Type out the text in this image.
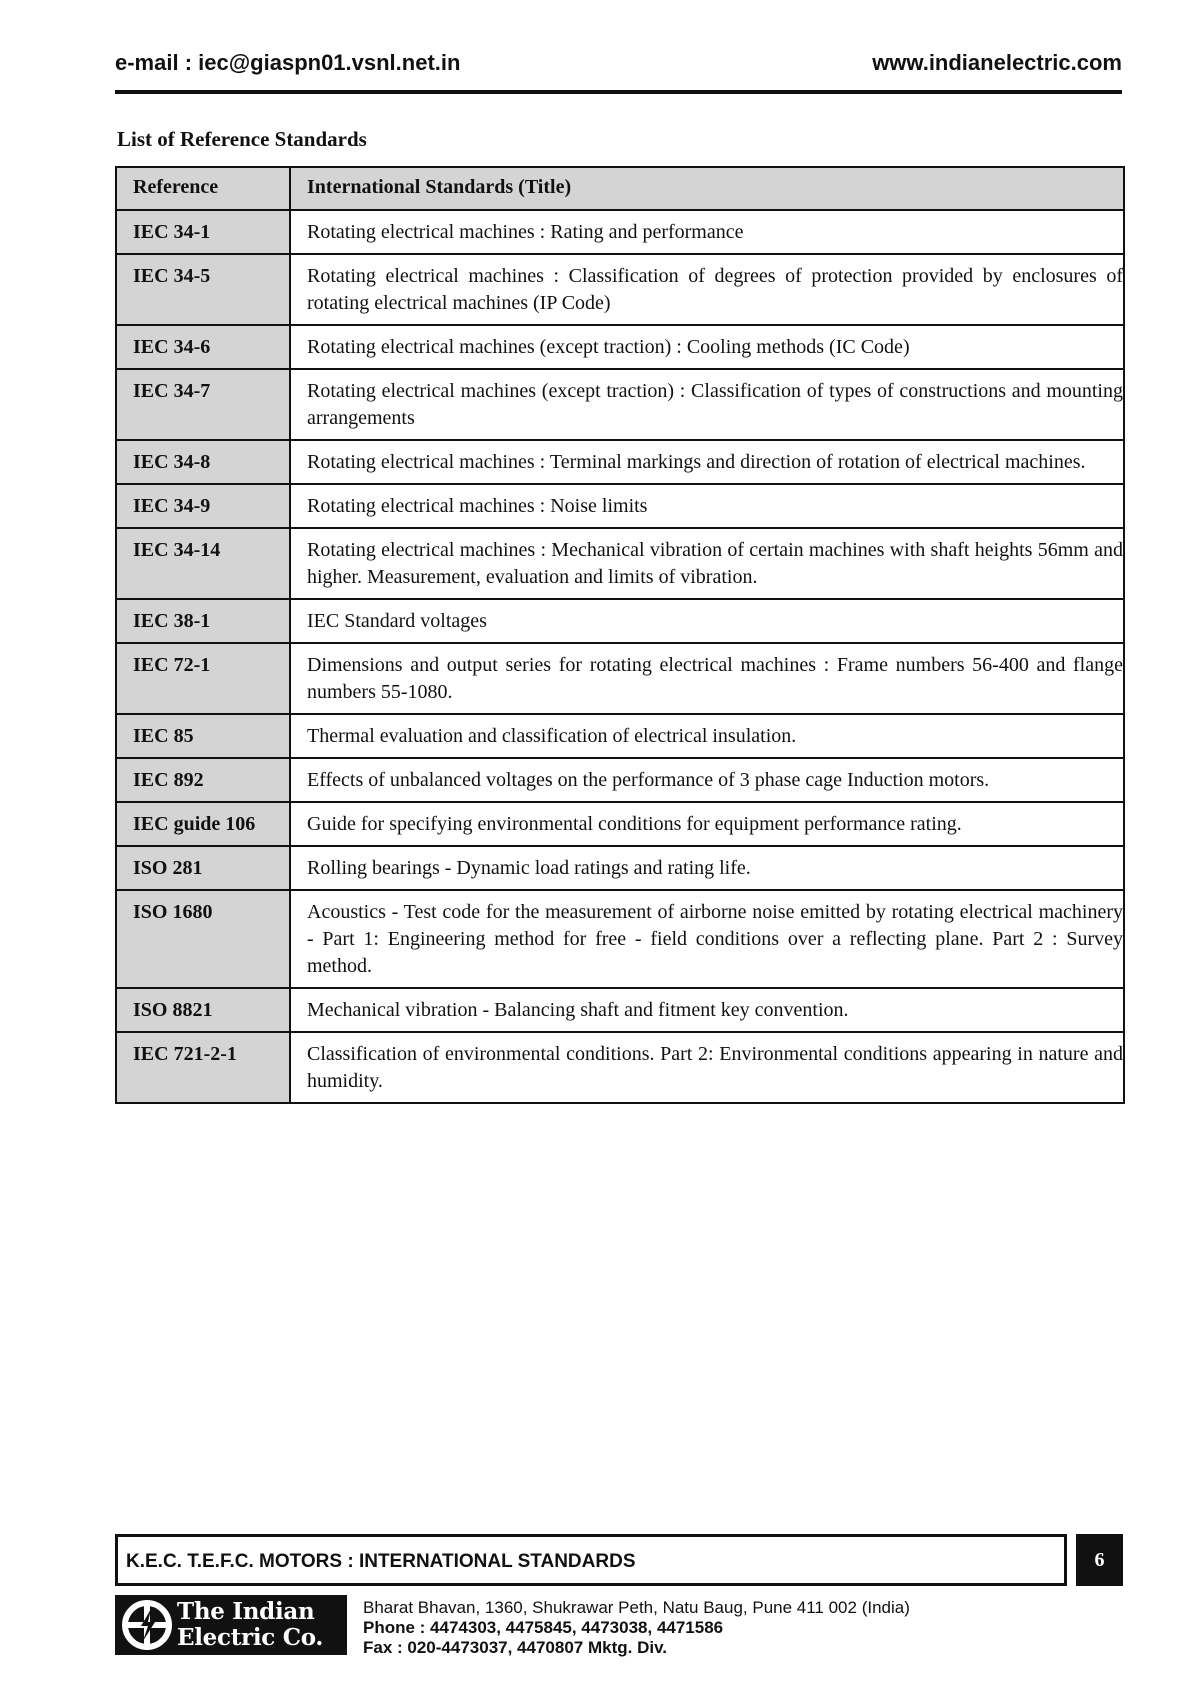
e-mail : iec@giaspn01.vsnl.net.in	www.indianelectric.com
List of Reference Standards
Reference	International Standards (Title)
IEC 34-1	Rotating electrical machines : Rating and performance
IEC 34-5	Rotating electrical machines : Classification of degrees of protection provided by enclosures of rotating electrical machines (IP Code)
IEC 34-6	Rotating electrical machines (except traction) : Cooling methods (IC Code)
IEC 34-7	Rotating electrical machines (except traction) : Classification of types of constructions and mounting arrangements
IEC 34-8	Rotating electrical machines : Terminal markings and direction of rotation of electrical machines.
IEC 34-9	Rotating electrical machines : Noise limits
IEC 34-14	Rotating electrical machines : Mechanical vibration of certain machines with shaft heights 56mm and higher. Measurement, evaluation and limits of vibration.
IEC 38-1	IEC Standard voltages
IEC 72-1	Dimensions and output series for rotating electrical machines : Frame numbers 56-400 and flange numbers 55-1080.
IEC 85	Thermal evaluation and classification of electrical insulation.
IEC 892	Effects of unbalanced voltages on the performance of 3 phase cage Induction motors.
IEC guide 106	Guide for specifying environmental conditions for equipment performance rating.
ISO 281	Rolling bearings - Dynamic load ratings and rating life.
ISO 1680	Acoustics - Test code for the measurement of airborne noise emitted by rotating electrical machinery - Part 1: Engineering method for free - field conditions over a reflecting plane. Part 2 : Survey method.
ISO 8821	Mechanical vibration - Balancing shaft and fitment key convention.
IEC 721-2-1	Classification of environmental conditions. Part 2: Environmental conditions appearing in nature and humidity.
K.E.C. T.E.F.C. MOTORS : INTERNATIONAL STANDARDS	6
The Indian
Electric Co.
Bharat Bhavan, 1360, Shukrawar Peth, Natu Baug, Pune 411 002 (India)
Phone : 4474303, 4475845, 4473038, 4471586
Fax : 020-4473037, 4470807 Mktg. Div.
